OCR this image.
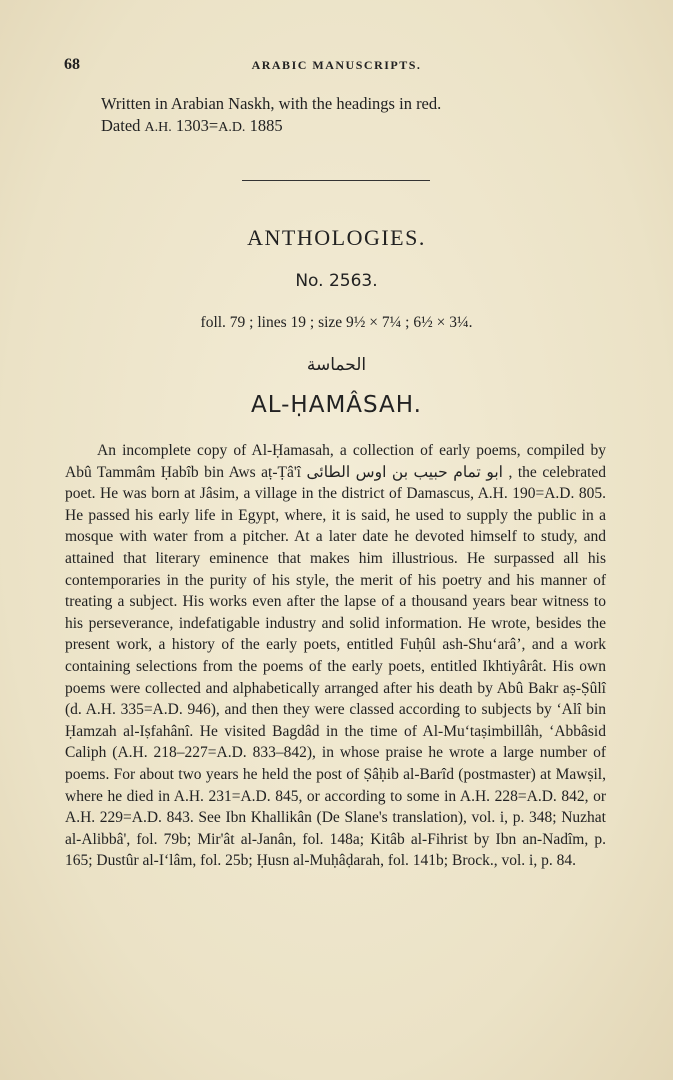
68	ARABIC MANUSCRIPTS.
Written in Arabian Naskh, with the headings in red.
Dated A.H. 1303=A.D. 1885
ANTHOLOGIES.
No. 2563.
foll. 79 ; lines 19 ; size 9½ × 7¼ ; 6½ × 3¼.
الحماسة
AL-ḤAMÂSAH.

An incomplete copy of Al-Ḥamasah, a collection of early poems, compiled by Abû Tammâm Ḥabîb bin Aws aṭ-Ṭâ'î ابو تمام حبيب بن اوس الطائى , the celebrated poet. He was born at Jâsim, a village in the district of Damascus, A.H. 190=A.D. 805. He passed his early life in Egypt, where, it is said, he used to supply the public in a mosque with water from a pitcher. At a later date he devoted himself to study, and attained that literary eminence that makes him illustrious. He surpassed all his contemporaries in the purity of his style, the merit of his poetry and his manner of treating a subject. His works even after the lapse of a thousand years bear witness to his perseverance, indefatigable industry and solid information. He wrote, besides the present work, a history of the early poets, entitled Fuḥûl ash-Shu‘arâ’, and a work containing selections from the poems of the early poets, entitled Ikhtiyârât. His own poems were collected and alphabetically arranged after his death by Abû Bakr aṣ-Ṣûlî (d. A.H. 335=A.D. 946), and then they were classed according to subjects by ‘Alî bin Ḥamzah al-Iṣfahânî. He visited Bagdâd in the time of Al-Mu‘taṣimbillâh, ‘Abbâsid Caliph (A.H. 218–227=A.D. 833–842), in whose praise he wrote a large number of poems. For about two years he held the post of Ṣâḥib al-Barîd (postmaster) at Mawṣil, where he died in A.H. 231=A.D. 845, or according to some in A.H. 228=A.D. 842, or A.H. 229=A.D. 843. See Ibn Khallikân (De Slane's translation), vol. i, p. 348; Nuzhat al-Alibbâ', fol. 79b; Mir'ât al-Janân, fol. 148a; Kitâb al-Fihrist by Ibn an-Nadîm, p. 165; Dustûr al-I‘lâm, fol. 25b; Ḥusn al-Muḥâḍarah, fol. 141b; Brock., vol. i, p. 84.
